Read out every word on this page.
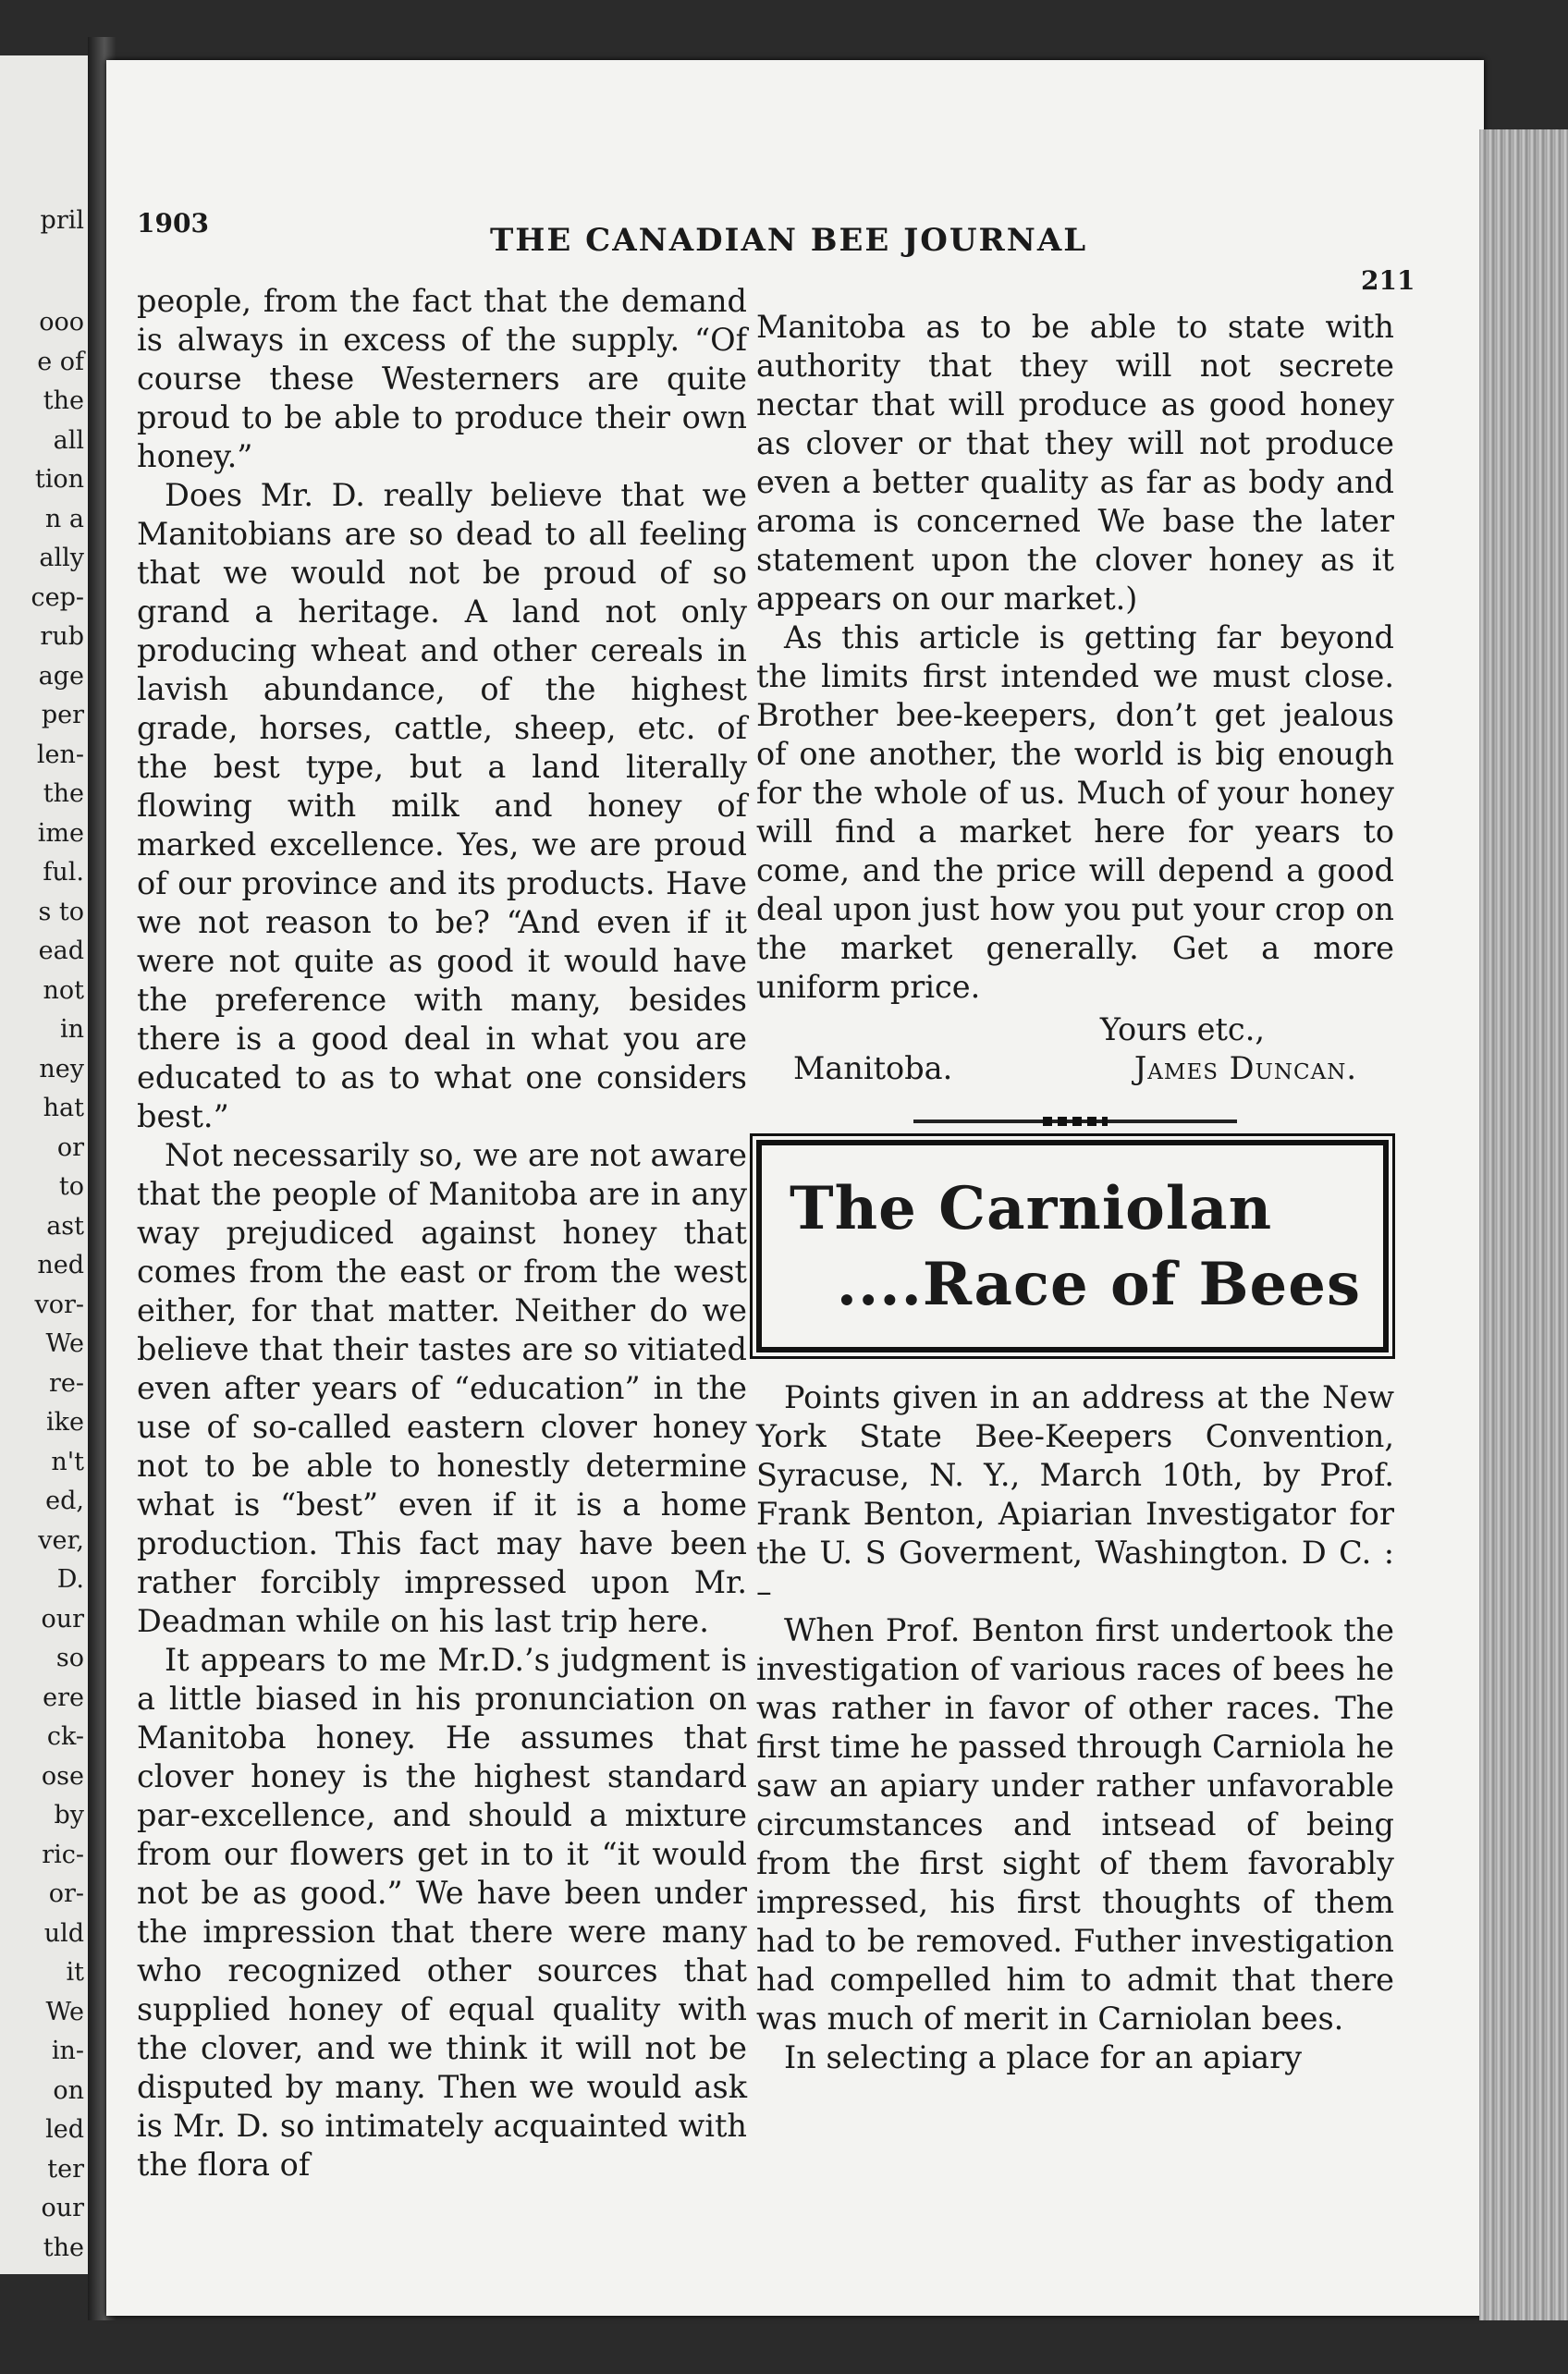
pril
ooo
e of
the
all
tion
n a
ally
cep-
rub
age
per
len-
the
ime
ful.
s to
ead
not
in
ney
hat
or
to
ast
ned
vor-
We
re-
ike
n't
ed,
ver,
D.
our
so
ere
ck-
ose
by
ric-
or-
uld
it
We
in-
on
led
ter
our
the
1903	THE CANADIAN BEE JOURNAL
211

people, from the fact that the demand is always in excess of the supply. “Of course these Westerners are quite proud to be able to produce their own honey.”

Does Mr. D. really believe that we Manitobians are so dead to all feeling that we would not be proud of so grand a heritage. A land not only producing wheat and other cereals in lavish abundance, of the highest grade, horses, cattle, sheep, etc. of the best type, but a land literally flowing with milk and honey of marked excellence. Yes, we are proud of our province and its products. Have we not reason to be? “And even if it were not quite as good it would have the preference with many, besides there is a good deal in what you are educated to as to what one considers best.”

Not necessarily so, we are not aware that the people of Manitoba are in any way prejudiced against honey that comes from the east or from the west either, for that matter. Neither do we believe that their tastes are so vitiated even after years of “education” in the use of so-called eastern clover honey not to be able to honestly determine what is “best” even if it is a home production. This fact may have been rather forcibly impressed upon Mr. Deadman while on his last trip here.

It appears to me Mr.D.’s judgment is a little biased in his pronunciation on Manitoba honey. He assumes that clover honey is the highest standard par-excellence, and should a mixture from our flowers get in to it “it would not be as good.” We have been under the impression that there were many who recognized other sources that supplied honey of equal quality with the clover, and we think it will not be disputed by many. Then we would ask is Mr. D. so intimately acquainted with the flora of

Manitoba as to be able to state with authority that they will not secrete nectar that will produce as good honey as clover or that they will not produce even a better quality as far as body and aroma is concerned We base the later statement upon the clover honey as it appears on our market.)

As this article is getting far beyond the limits first intended we must close. Brother bee-keepers, don’t get jealous of one another, the world is big enough for the whole of us. Much of your honey will find a market here for years to come, and the price will depend a good deal upon just how you put your crop on the market generally. Get a more uniform price.

Yours etc.,
James Duncan.
Manitoba.
The Carniolan
....Race of Bees

Points given in an address at the New York State Bee-Keepers Convention, Syracuse, N. Y., March 10th, by Prof. Frank Benton, Apiarian Investigator for the U. S Goverment, Washington. D C. : –

When Prof. Benton first undertook the investigation of various races of bees he was rather in favor of other races. The first time he passed through Carniola he saw an apiary under rather unfavorable circumstances and intsead of being from the first sight of them favorably impressed, his first thoughts of them had to be removed. Futher investigation had compelled him to admit that there was much of merit in Carniolan bees.

In selecting a place for an apiary
